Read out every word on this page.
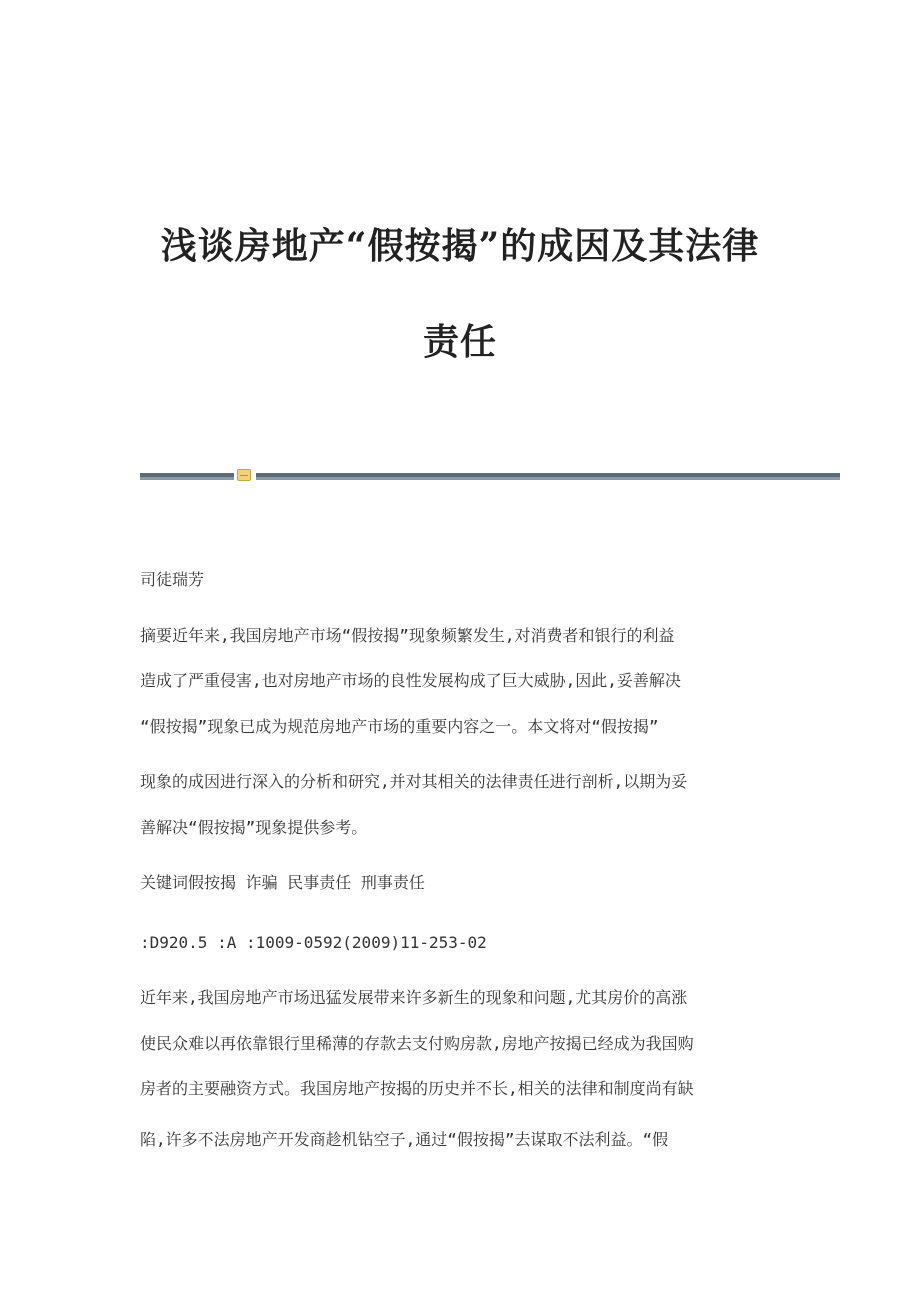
浅谈房地产“假按揭”的成因及其法律
责任

司徒瑞芳

摘要近年来,我国房地产市场“假按揭”现象频繁发生,对消费者和银行的利益

造成了严重侵害,也对房地产市场的良性发展构成了巨大威胁,因此,妥善解决

“假按揭”现象已成为规范房地产市场的重要内容之一。本文将对“假按揭”

现象的成因进行深入的分析和研究,并对其相关的法律责任进行剖析,以期为妥

善解决“假按揭”现象提供参考。

关键词假按揭 诈骗 民事责任 刑事责任

:D920.5 :A :1009-0592(2009)11-253-02

近年来,我国房地产市场迅猛发展带来许多新生的现象和问题,尤其房价的高涨

使民众难以再依靠银行里稀薄的存款去支付购房款,房地产按揭已经成为我国购

房者的主要融资方式。我国房地产按揭的历史并不长,相关的法律和制度尚有缺

陷,许多不法房地产开发商趁机钻空子,通过“假按揭”去谋取不法利益。“假
